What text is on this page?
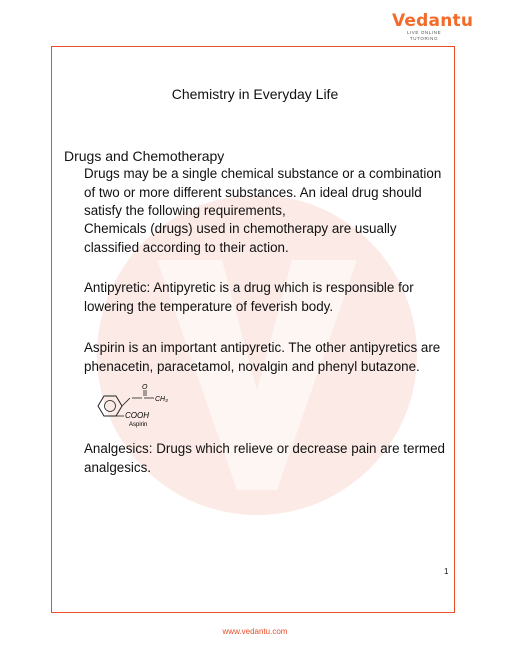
Vedantu
LIVE ONLINE TUTORING
Chemistry in Everyday Life
Drugs and Chemotherapy
Drugs may be a single chemical substance or a combination of two or more different substances. An ideal drug should satisfy the following requirements,
Chemicals (drugs) used in chemotherapy are usually classified according to their action.
Antipyretic: Antipyretic is a drug which is responsible for lowering the temperature of feverish body.
Aspirin is an important antipyretic. The other antipyretics are phenacetin, paracetamol, novalgin and phenyl butazone.
O
CH₃
COOH
Aspirin
Analgesics: Drugs which relieve or decrease pain are termed analgesics.
1
www.vedantu.com
